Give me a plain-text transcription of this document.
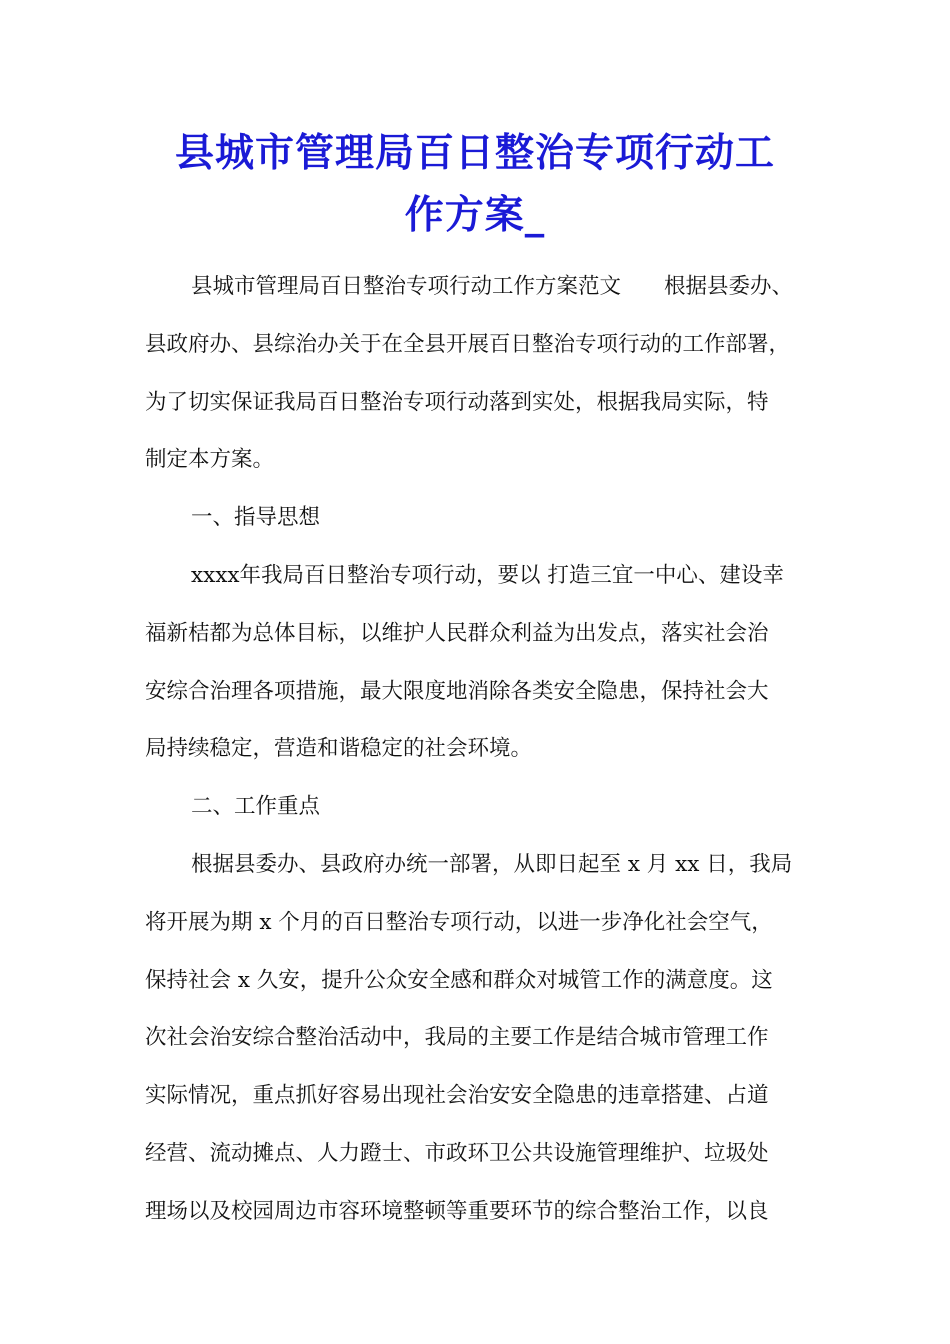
县城市管理局百日整治专项行动工
作方案_
县城市管理局百日整治专项行动工作方案范文　　根据县委办、
县政府办、县综治办关于在全县开展百日整治专项行动的工作部署，
为了切实保证我局百日整治专项行动落到实处，根据我局实际，特
制定本方案。
一、指导思想
xxxx年我局百日整治专项行动，要以 打造三宜一中心、建设幸
福新桔都为总体目标，以维护人民群众利益为出发点，落实社会治
安综合治理各项措施，最大限度地消除各类安全隐患，保持社会大
局持续稳定，营造和谐稳定的社会环境。
二、工作重点
根据县委办、县政府办统一部署，从即日起至 x 月 xx 日，我局
将开展为期 x 个月的百日整治专项行动，以进一步净化社会空气，
保持社会 x 久安，提升公众安全感和群众对城管工作的满意度。这
次社会治安综合整治活动中，我局的主要工作是结合城市管理工作
实际情况，重点抓好容易出现社会治安安全隐患的违章搭建、占道
经营、流动摊点、人力蹬士、市政环卫公共设施管理维护、垃圾处
理场以及校园周边市容环境整顿等重要环节的综合整治工作，以良
